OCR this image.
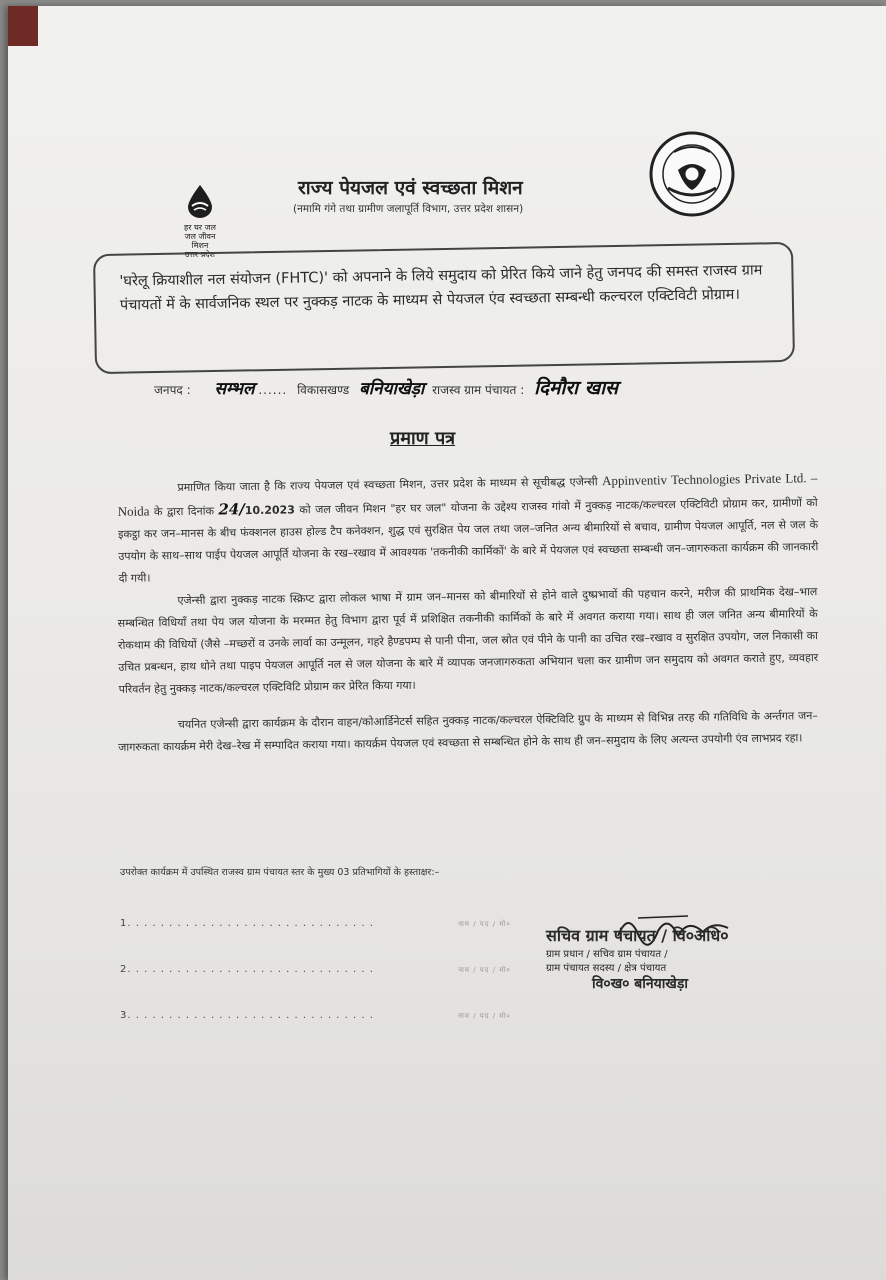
हर घर जल
जल जीवन मिशन
उत्तर प्रदेश
राज्य पेयजल एवं स्वच्छता मिशन
(नमामि गंगे तथा ग्रामीण जलापूर्ति विभाग, उत्तर प्रदेश शासन)
'घरेलू क्रियाशील नल संयोजन (FHTC)' को अपनाने के लिये समुदाय को प्रेरित किये जाने हेतु जनपद की समस्त राजस्व ग्राम पंचायतों में के सार्वजनिक स्थल पर नुक्कड़ नाटक के माध्यम से पेयजल एंव स्वच्छता सम्बन्धी कल्चरल एक्टिविटी प्रोग्राम।
जनपद : सम्भल ...... विकासखण्ड बनियाखेड़ा राजस्व ग्राम पंचायत : दिमौरा खास
प्रमाण पत्र
प्रमाणित किया जाता है कि राज्य पेयजल एवं स्वच्छता मिशन, उत्तर प्रदेश के माध्यम से सूचीबद्ध एजेन्सी Appinventiv Technologies Private Ltd. – Noida के द्वारा दिनांक 24/10.2023 को जल जीवन मिशन "हर घर जल" योजना के उद्देश्य राजस्व गांवो में नुक्कड़ नाटक/कल्चरल एक्टिविटी प्रोग्राम कर, ग्रामीणों को इकट्ठा कर जन–मानस के बीच फंक्शनल हाउस होल्ड टैप कनेक्शन, शुद्ध एवं सुरक्षित पेय जल तथा जल–जनित अन्य बीमारियों से बचाव, ग्रामीण पेयजल आपूर्ति, नल से जल के उपयोग के साथ–साथ पाईप पेयजल आपूर्ति योजना के रख–रखाव में आवश्यक 'तकनीकी कार्मिकों' के बारे में पेयजल एवं स्वच्छता सम्बन्धी जन–जागरुकता कार्यक्रम की जानकारी दी गयी।
एजेन्सी द्वारा नुक्कड़ नाटक स्क्रिप्ट द्वारा लोकल भाषा में ग्राम जन–मानस को बीमारियों से होने वाले दुष्प्रभावों की पहचान करने, मरीज की प्राथमिक देख–भाल सम्बन्धित विधियाँ तथा पेय जल योजना के मरम्मत हेतु विभाग द्वारा पूर्व में प्रशिक्षित तकनीकी कार्मिकों के बारे में अवगत कराया गया। साथ ही जल जनित अन्य बीमारियों के रोकथाम की विधियों (जैसे –मच्छरों व उनके लार्वा का उन्मूलन, गहरे हैण्डपम्प से पानी पीना, जल स्रोत एवं पीने के पानी का उचित रख–रखाव व सुरक्षित उपयोग, जल निकासी का उचित प्रबन्धन, हाथ धोने तथा पाइप पेयजल आपूर्ति नल से जल योजना के बारे में व्यापक जनजागरुकता अभियान चला कर ग्रामीण जन समुदाय को अवगत कराते हुए, व्यवहार परिवर्तन हेतु नुक्कड़ नाटक/कल्चरल एक्टिविटि प्रोग्राम कर प्रेरित किया गया।
चयनित एजेन्सी द्वारा कार्यक्रम के दौरान वाहन/कोआर्डिनेटर्स सहित नुक्कड़ नाटक/कल्चरल ऐक्टिविटि ग्रुप के माध्यम से विभिन्न तरह की गतिविधि के अर्न्तगत जन–जागरुकता कायर्क्रम मेरी देख–रेख में सम्पादित कराया गया। कायर्क्रम पेयजल एवं स्वच्छता से सम्बन्धित होने के साथ ही जन–समुदाय के लिए अत्यन्त उपयोगी एंव लाभप्रद रहा।
उपरोक्त कार्यक्रम में उपस्थित राजस्व ग्राम पंचायत स्तर के मुख्य 03 प्रतिभागियों के हस्ताक्षर:–
1. . . . . . . . . . . . . . . . . . . . . . . . . . . . . .	नाम / पद / मो०
2. . . . . . . . . . . . . . . . . . . . . . . . . . . . . .	नाम / पद / मो०
3. . . . . . . . . . . . . . . . . . . . . . . . . . . . . .	नाम / पद / मो०
सचिव ग्राम पंचायत / वि०अधि०
ग्राम प्रधान / सचिव ग्राम पंचायत /
ग्राम पंचायत सदस्य / क्षेत्र पंचायत
वि०ख० बनियाखेड़ा
